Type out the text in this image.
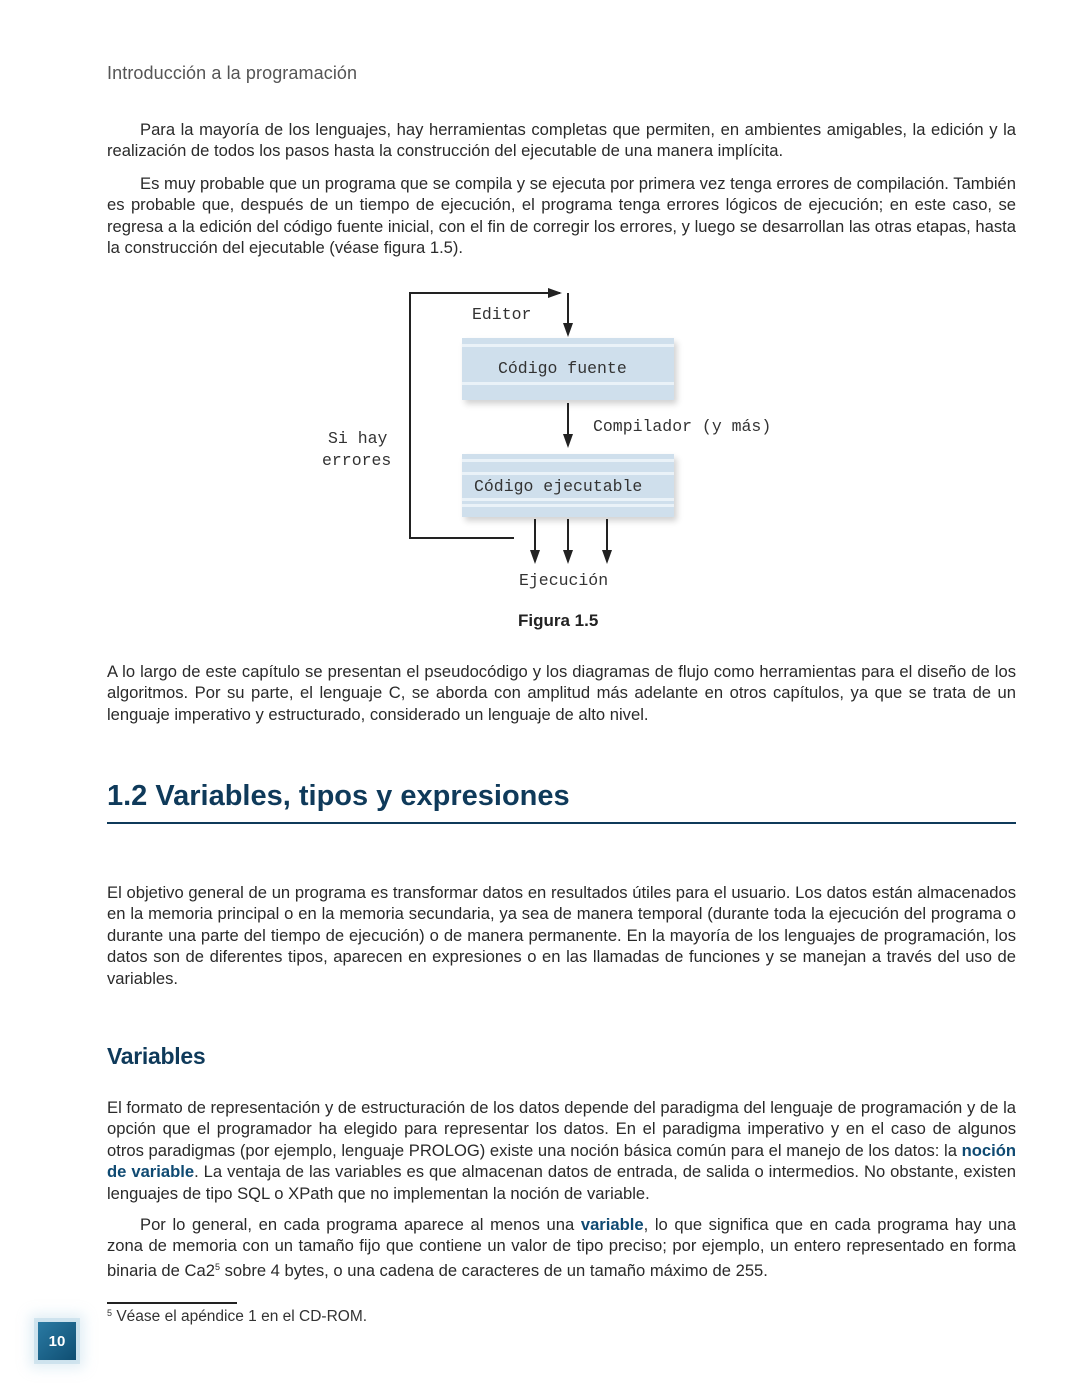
Introducción a la programación

Para la mayoría de los lenguajes, hay herramientas completas que permiten, en ambientes amigables, la edición y la realización de todos los pasos hasta la construcción del ejecutable de una manera implícita.

Es muy probable que un programa que se compila y se ejecuta por primera vez tenga errores de compilación. También es probable que, después de un tiempo de ejecución, el programa tenga errores lógicos de ejecución; en este caso, se regresa a la edición del código fuente inicial, con el fin de corregir los errores, y luego se desarrollan las otras etapas, hasta la construcción del ejecutable (véase figura 1.5).

Editor
Código fuente
Compilador (y más)
Si hay
errores
Código ejecutable
Ejecución
Figura 1.5

A lo largo de este capítulo se presentan el pseudocódigo y los diagramas de flujo como herramientas para el diseño de los algoritmos. Por su parte, el lenguaje C, se aborda con amplitud más adelante en otros capítulos, ya que se trata de un lenguaje imperativo y estructurado, considerado un lenguaje de alto nivel.

1.2 Variables, tipos y expresiones

El objetivo general de un programa es transformar datos en resultados útiles para el usuario. Los datos están almacenados en la memoria principal o en la memoria secundaria, ya sea de manera temporal (durante toda la ejecución del programa o durante una parte del tiempo de ejecución) o de manera permanente. En la mayoría de los lenguajes de programación, los datos son de diferentes tipos, aparecen en expresiones o en las llamadas de funciones y se manejan a través del uso de variables.

Variables

El formato de representación y de estructuración de los datos depende del paradigma del lenguaje de programación y de la opción que el programador ha elegido para representar los datos. En el paradigma imperativo y en el caso de algunos otros paradigmas (por ejemplo, lenguaje PROLOG) existe una noción básica común para el manejo de los datos: la noción de variable. La ventaja de las variables es que almacenan datos de entrada, de salida o intermedios. No obstante, existen lenguajes de tipo SQL o XPath que no implementan la noción de variable.

Por lo general, en cada programa aparece al menos una variable, lo que significa que en cada programa hay una zona de memoria con un tamaño fijo que contiene un valor de tipo preciso; por ejemplo, un entero representado en forma binaria de Ca2$^5$ sobre 4 bytes, o una cadena de caracteres de un tamaño máximo de 255.

$^5$ Véase el apéndice 1 en el CD-ROM.
10
